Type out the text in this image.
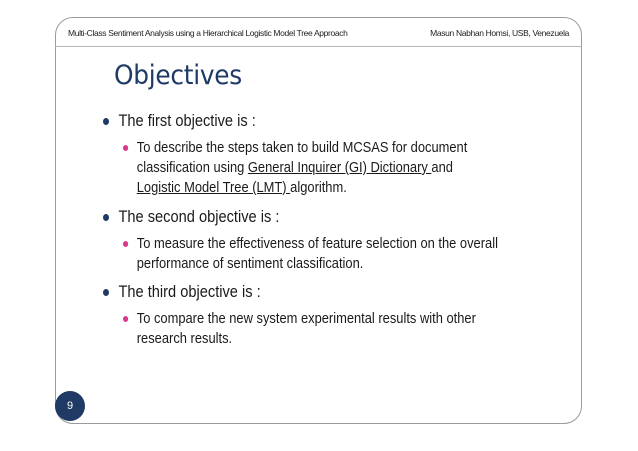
Multi-Class Sentiment Analysis using a Hierarchical Logistic Model Tree Approach	Masun Nabhan Homsi, USB, Venezuela
Objectives
The first objective is :
To describe the steps taken to build MCSAS for document
classification using General Inquirer (GI) Dictionary and
Logistic Model Tree (LMT) algorithm.
The second objective is :
To measure the effectiveness of feature selection on the overall
performance of sentiment classification.
The third objective is :
To compare the new system experimental results with other
research results.
9
